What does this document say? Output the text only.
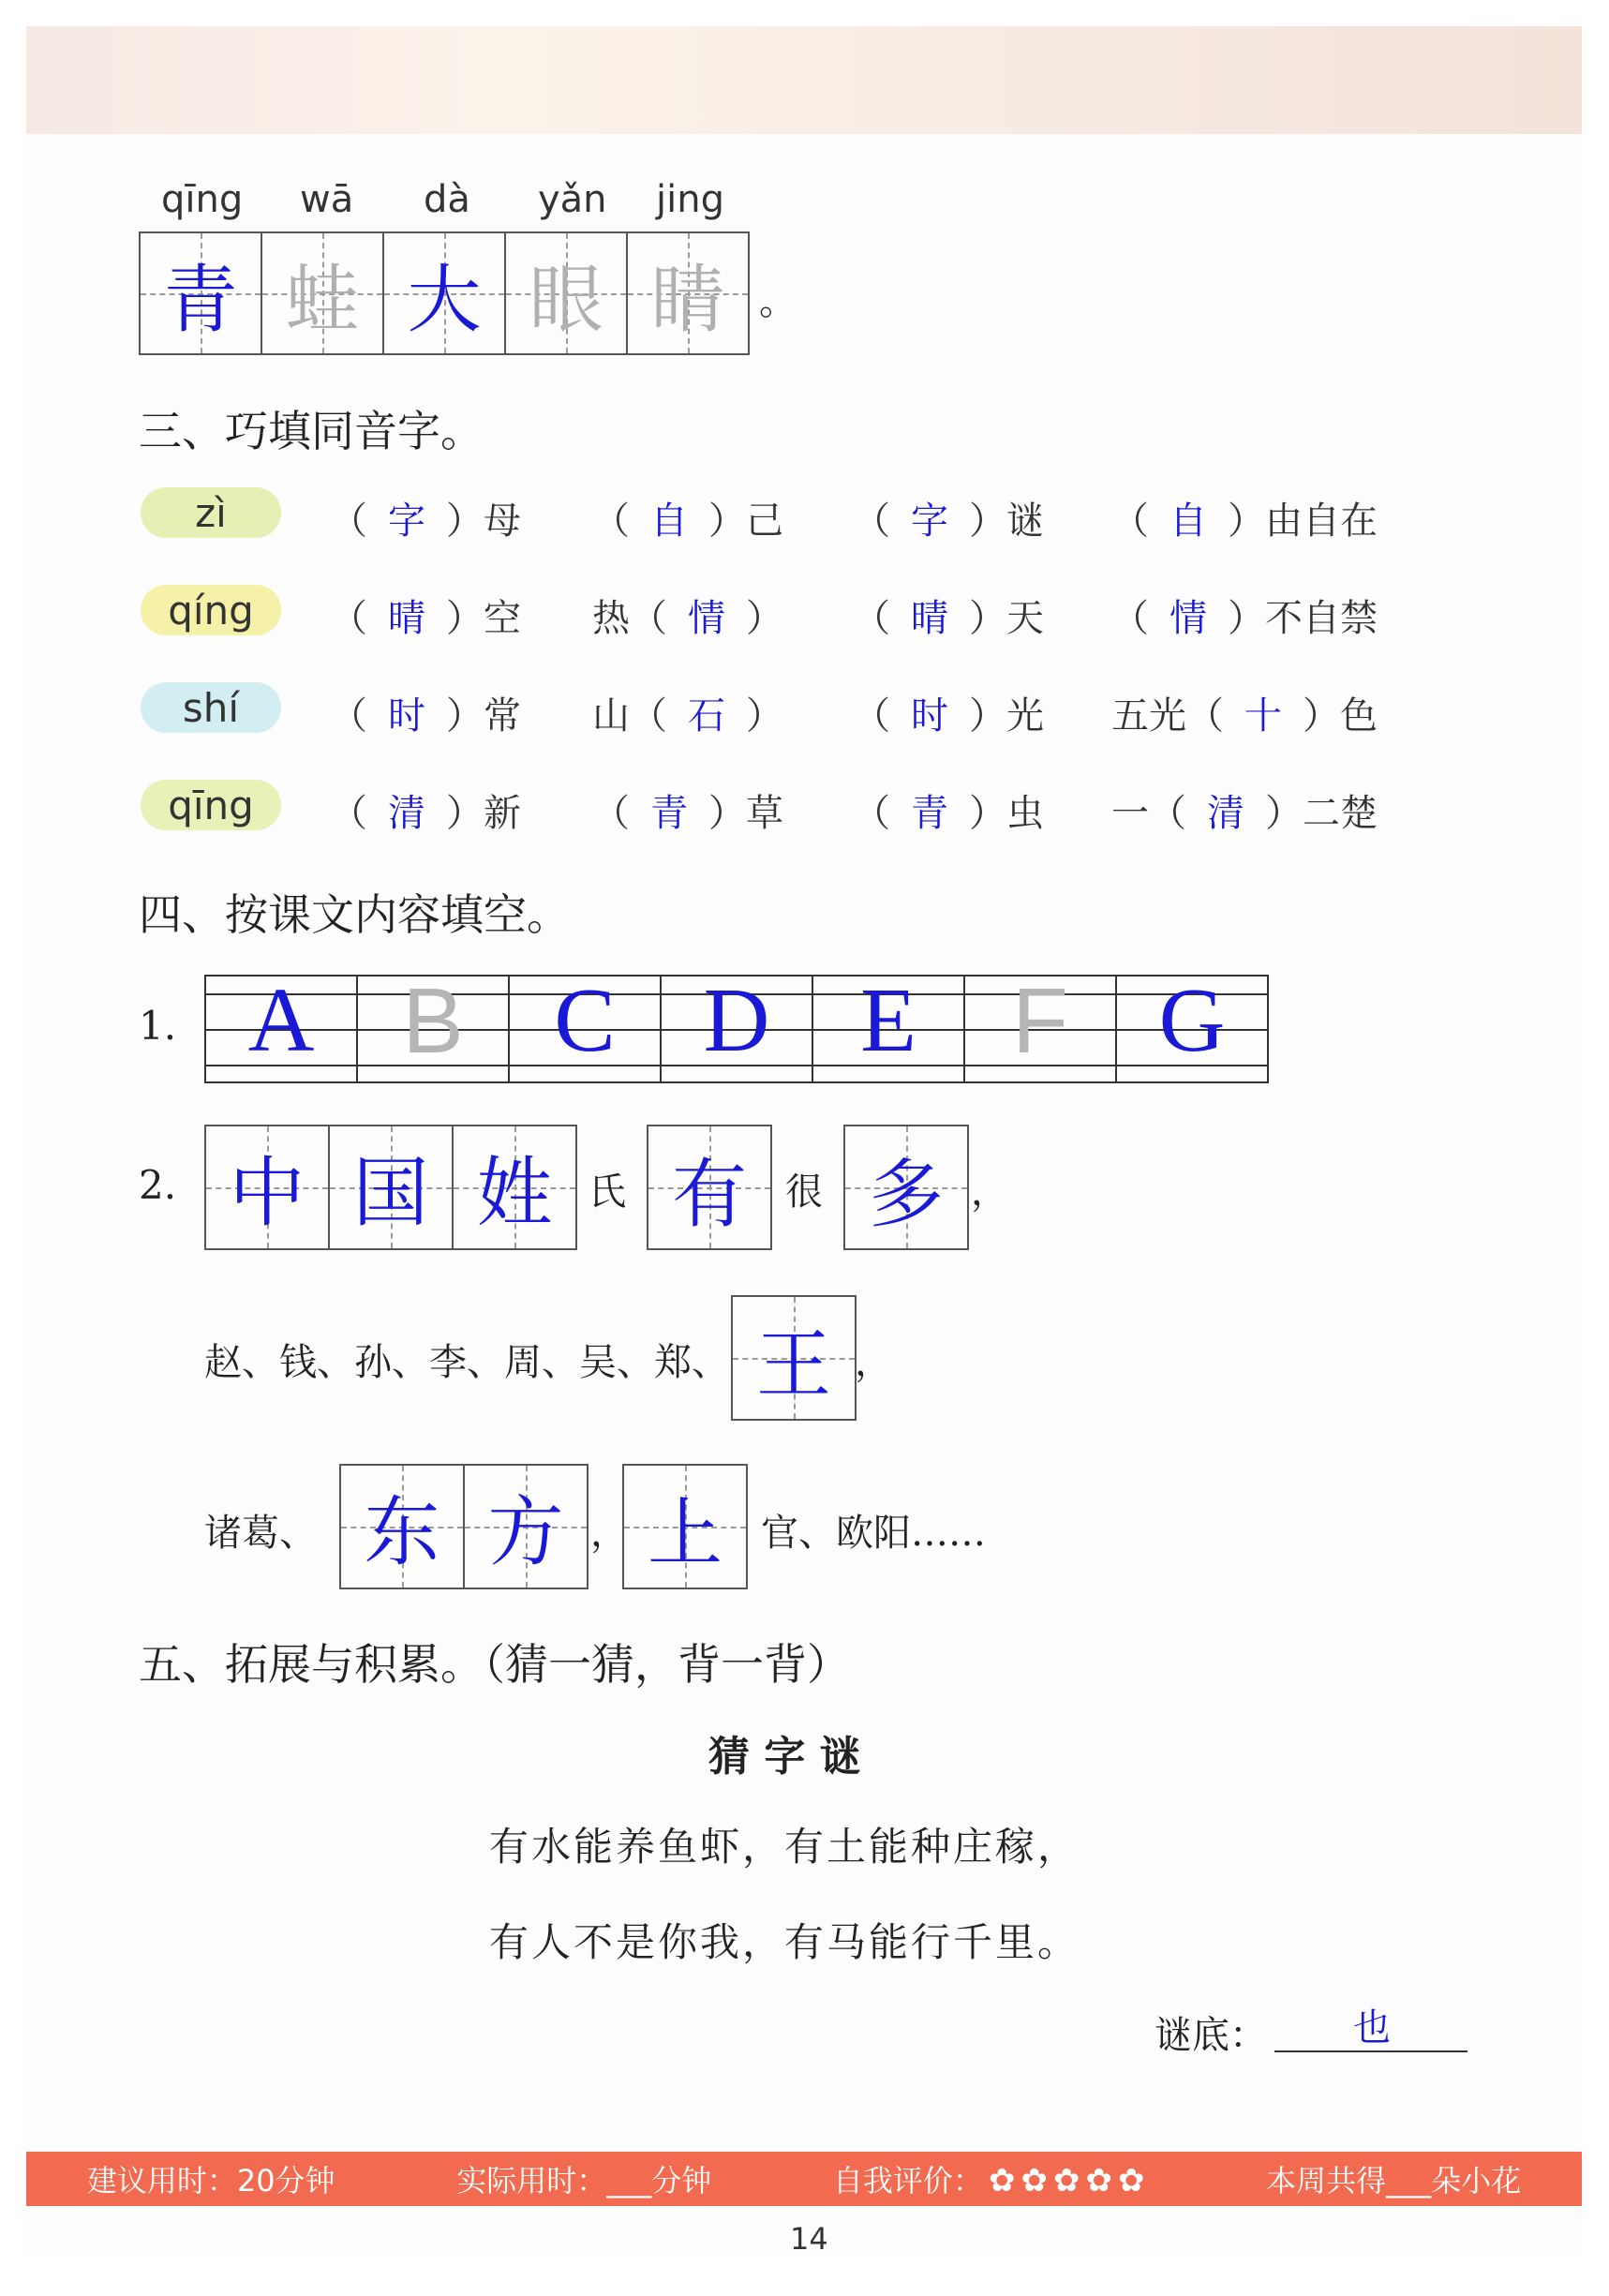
qīng wā dà yǎn jing
青 蛙 大 眼 睛 。
三、巧填同音字。
zì	（ 字 ）母 （ 自 ）己 （ 字 ）谜 （ 自 ）由自在
qíng	（ 晴 ）空 热（ 情 ） （ 晴 ）天 （ 情 ）不自禁
shí	（ 时 ）常 山（ 石 ） （ 时 ）光 五光（ 十 ）色
qīng	（ 清 ）新 （ 青 ）草 （ 青 ）虫 一（ 清 ）二楚
四、按课文内容填空。
1. A B C D E F G
2. 中 国 姓 氏 有 很 多 ，
赵、钱、孙、李、周、吴、郑、 王 ，
诸葛、 东 方 ， 上 官、欧阳……
五、拓展与积累。（猜一猜，背一背）
猜 字 谜
有水能养鱼虾，有土能种庄稼，
有人不是你我，有马能行千里。
谜底： 也
建议用时：20分钟	实际用时：___分钟	自我评价： ✿ ✿ ✿ ✿ ✿	本周共得___朵小花
14
